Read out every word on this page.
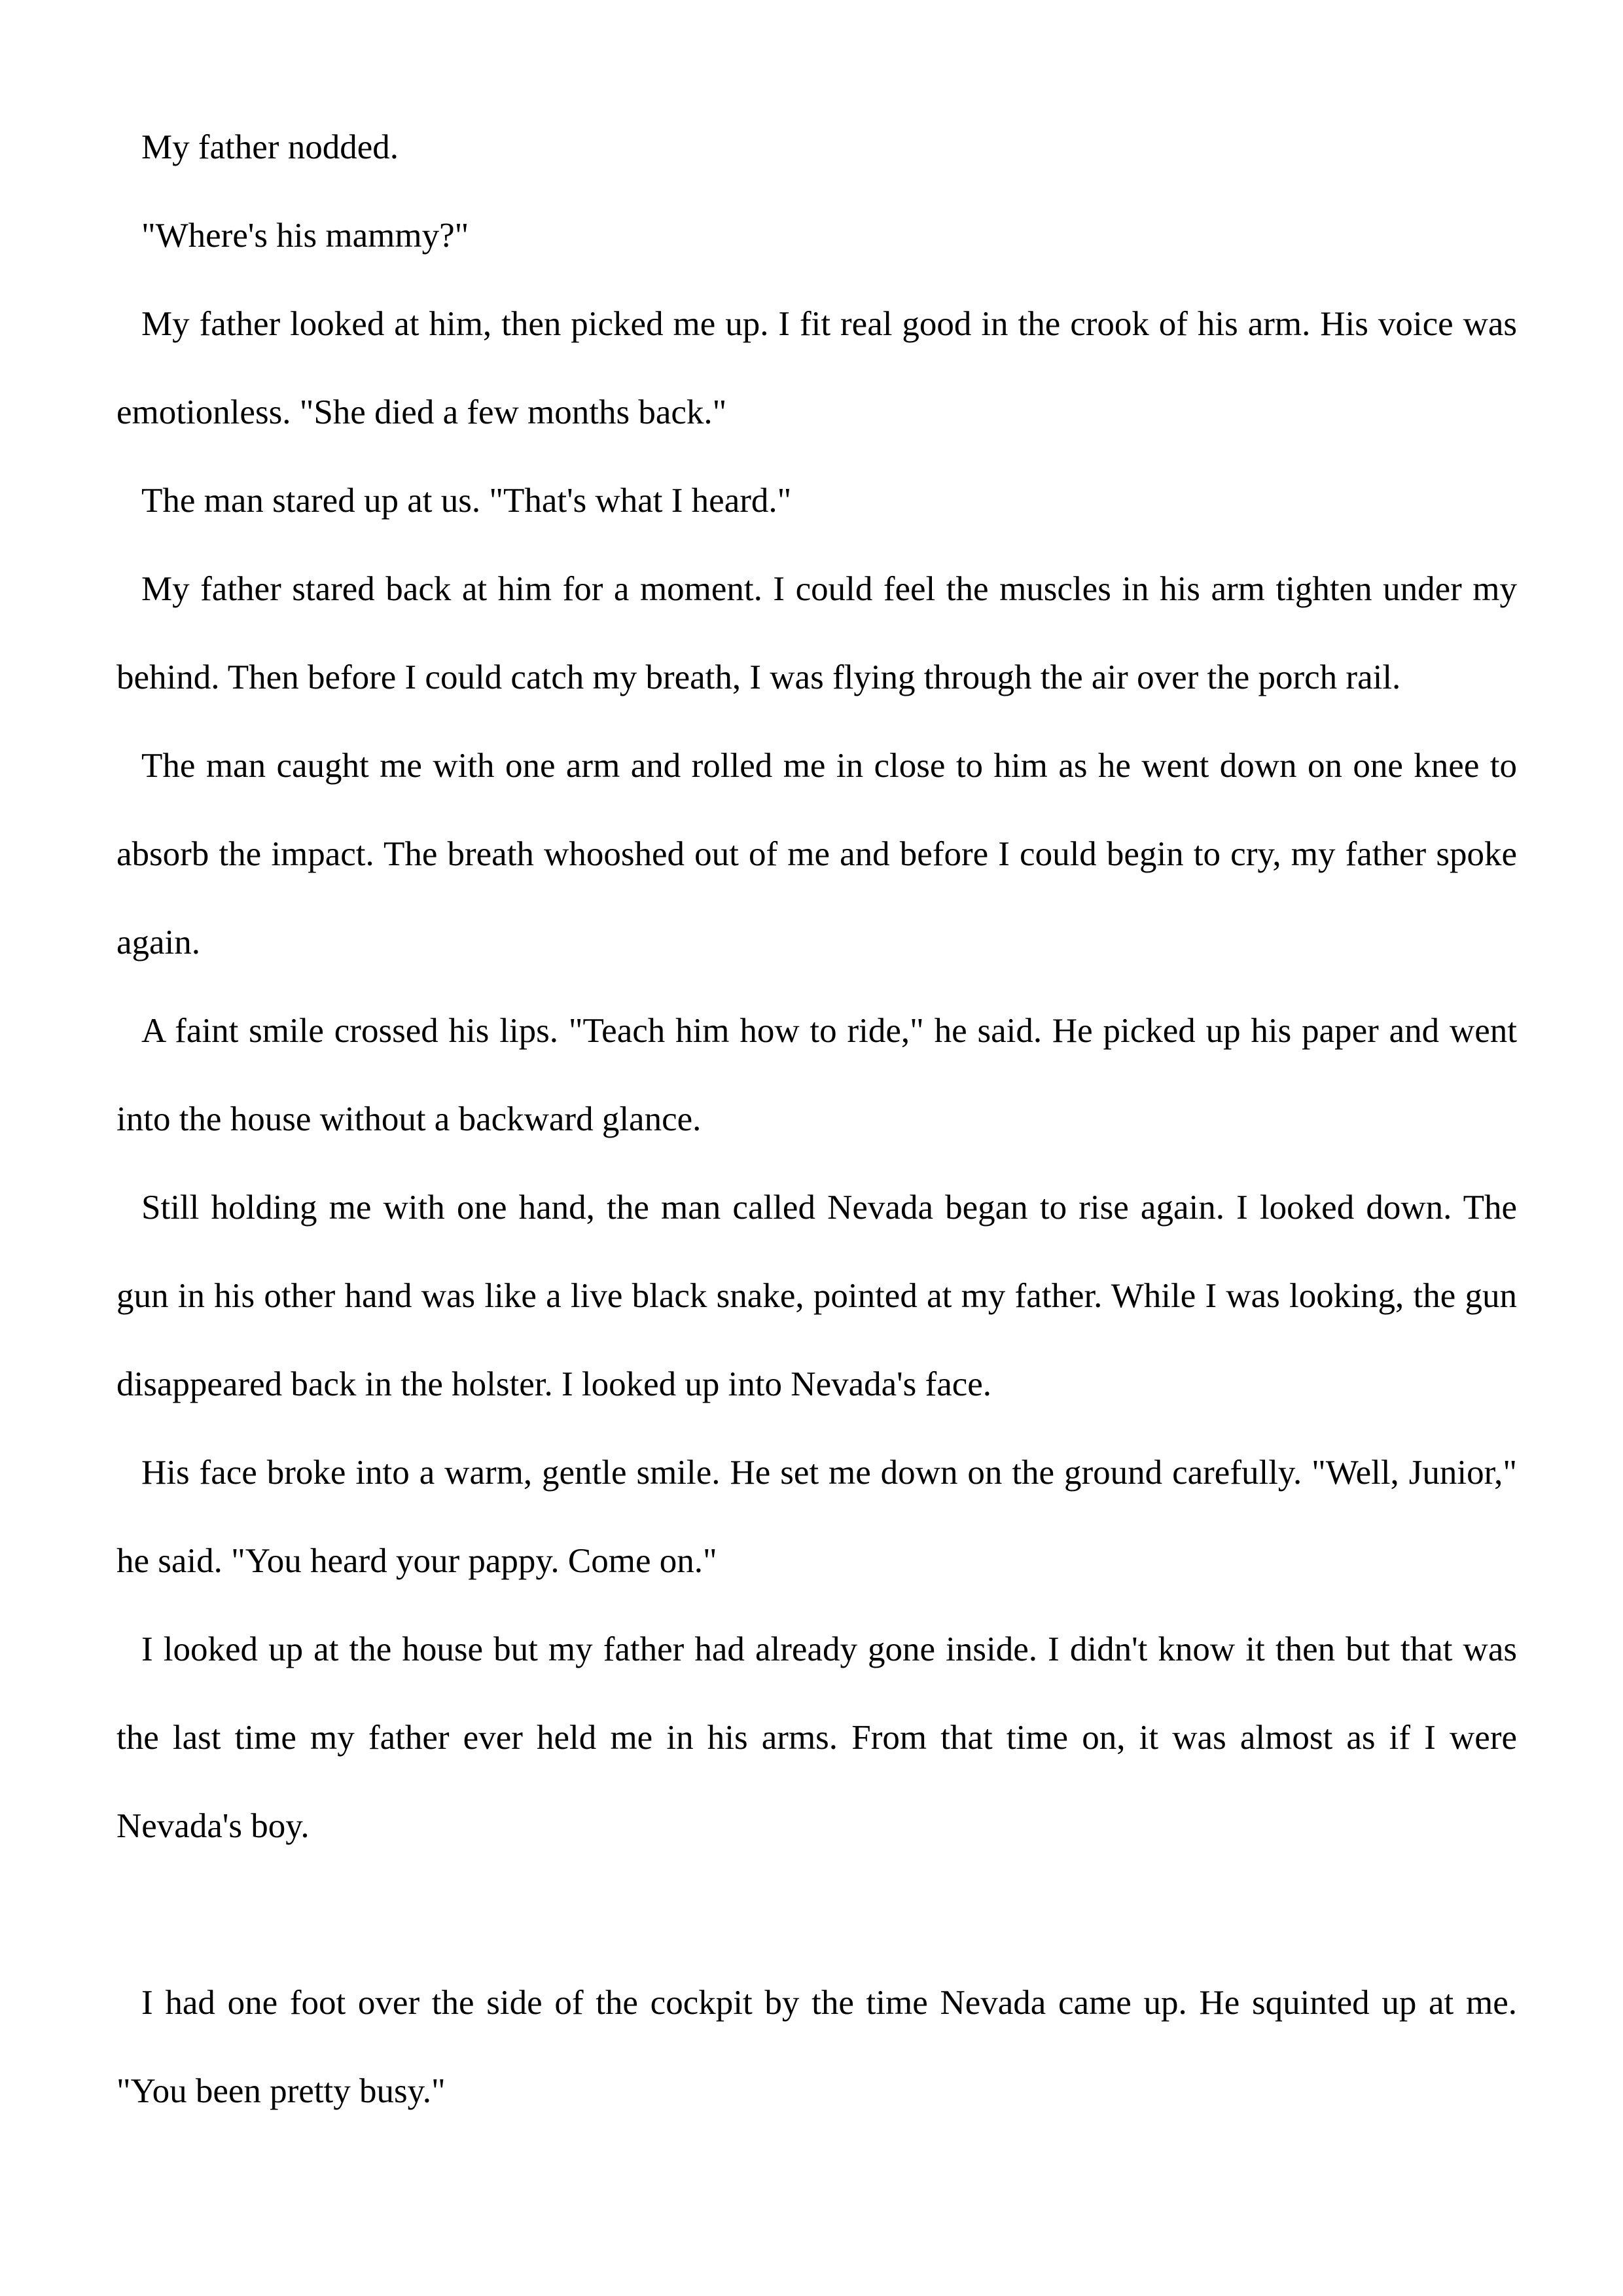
My father nodded.

"Where's his mammy?"

My father looked at him, then picked me up. I fit real good in the crook of his arm. His voice was emotionless. "She died a few months back."

The man stared up at us. "That's what I heard."

My father stared back at him for a moment. I could feel the muscles in his arm tighten under my behind. Then before I could catch my breath, I was flying through the air over the porch rail.

The man caught me with one arm and rolled me in close to him as he went down on one knee to absorb the impact. The breath whooshed out of me and before I could begin to cry, my father spoke again.

A faint smile crossed his lips. "Teach him how to ride," he said. He picked up his paper and went into the house without a backward glance.

Still holding me with one hand, the man called Nevada began to rise again. I looked down. The gun in his other hand was like a live black snake, pointed at my father. While I was looking, the gun disappeared back in the holster. I looked up into Nevada's face.

His face broke into a warm, gentle smile. He set me down on the ground carefully. "Well, Junior," he said. "You heard your pappy. Come on."

I looked up at the house but my father had already gone inside. I didn't know it then but that was the last time my father ever held me in his arms. From that time on, it was almost as if I were Nevada's boy.

I had one foot over the side of the cockpit by the time Nevada came up. He squinted up at me. "You been pretty busy."
